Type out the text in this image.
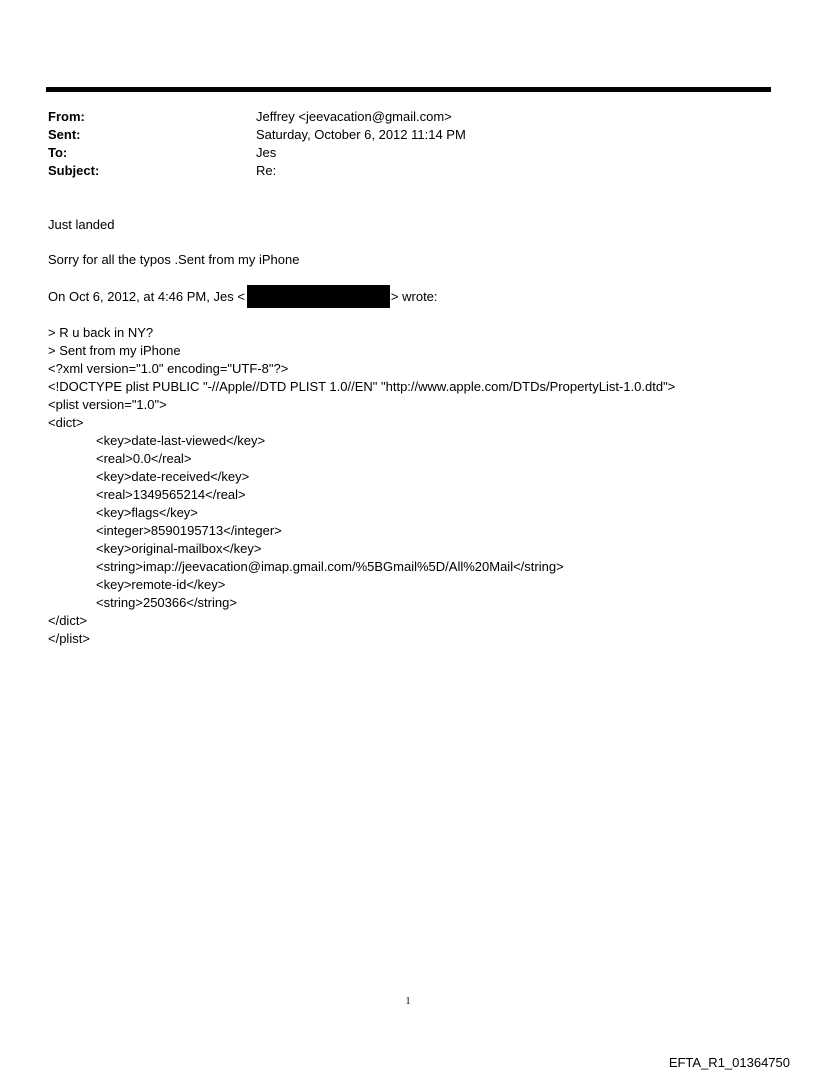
From:	Jeffrey <jeevacation@gmail.com>
Sent:	Saturday, October 6, 2012 11:14 PM
To:	Jes
Subject:	Re:
Just landed
Sorry for all the typos .Sent from my iPhone
On Oct 6, 2012, at 4:46 PM, Jes <	> wrote:
> R u back in NY?
> Sent from my iPhone
<?xml version="1.0" encoding="UTF-8"?>
<!DOCTYPE plist PUBLIC "-//Apple//DTD PLIST 1.0//EN" "http://www.apple.com/DTDs/PropertyList-1.0.dtd">
<plist version="1.0">
<dict>
<key>date-last-viewed</key>
<real>0.0</real>
<key>date-received</key>
<real>1349565214</real>
<key>flags</key>
<integer>8590195713</integer>
<key>original-mailbox</key>
<string>imap://jeevacation@imap.gmail.com/%5BGmail%5D/All%20Mail</string>
<key>remote-id</key>
<string>250366</string>
</dict>
</plist>
1
EFTA_R1_01364750
